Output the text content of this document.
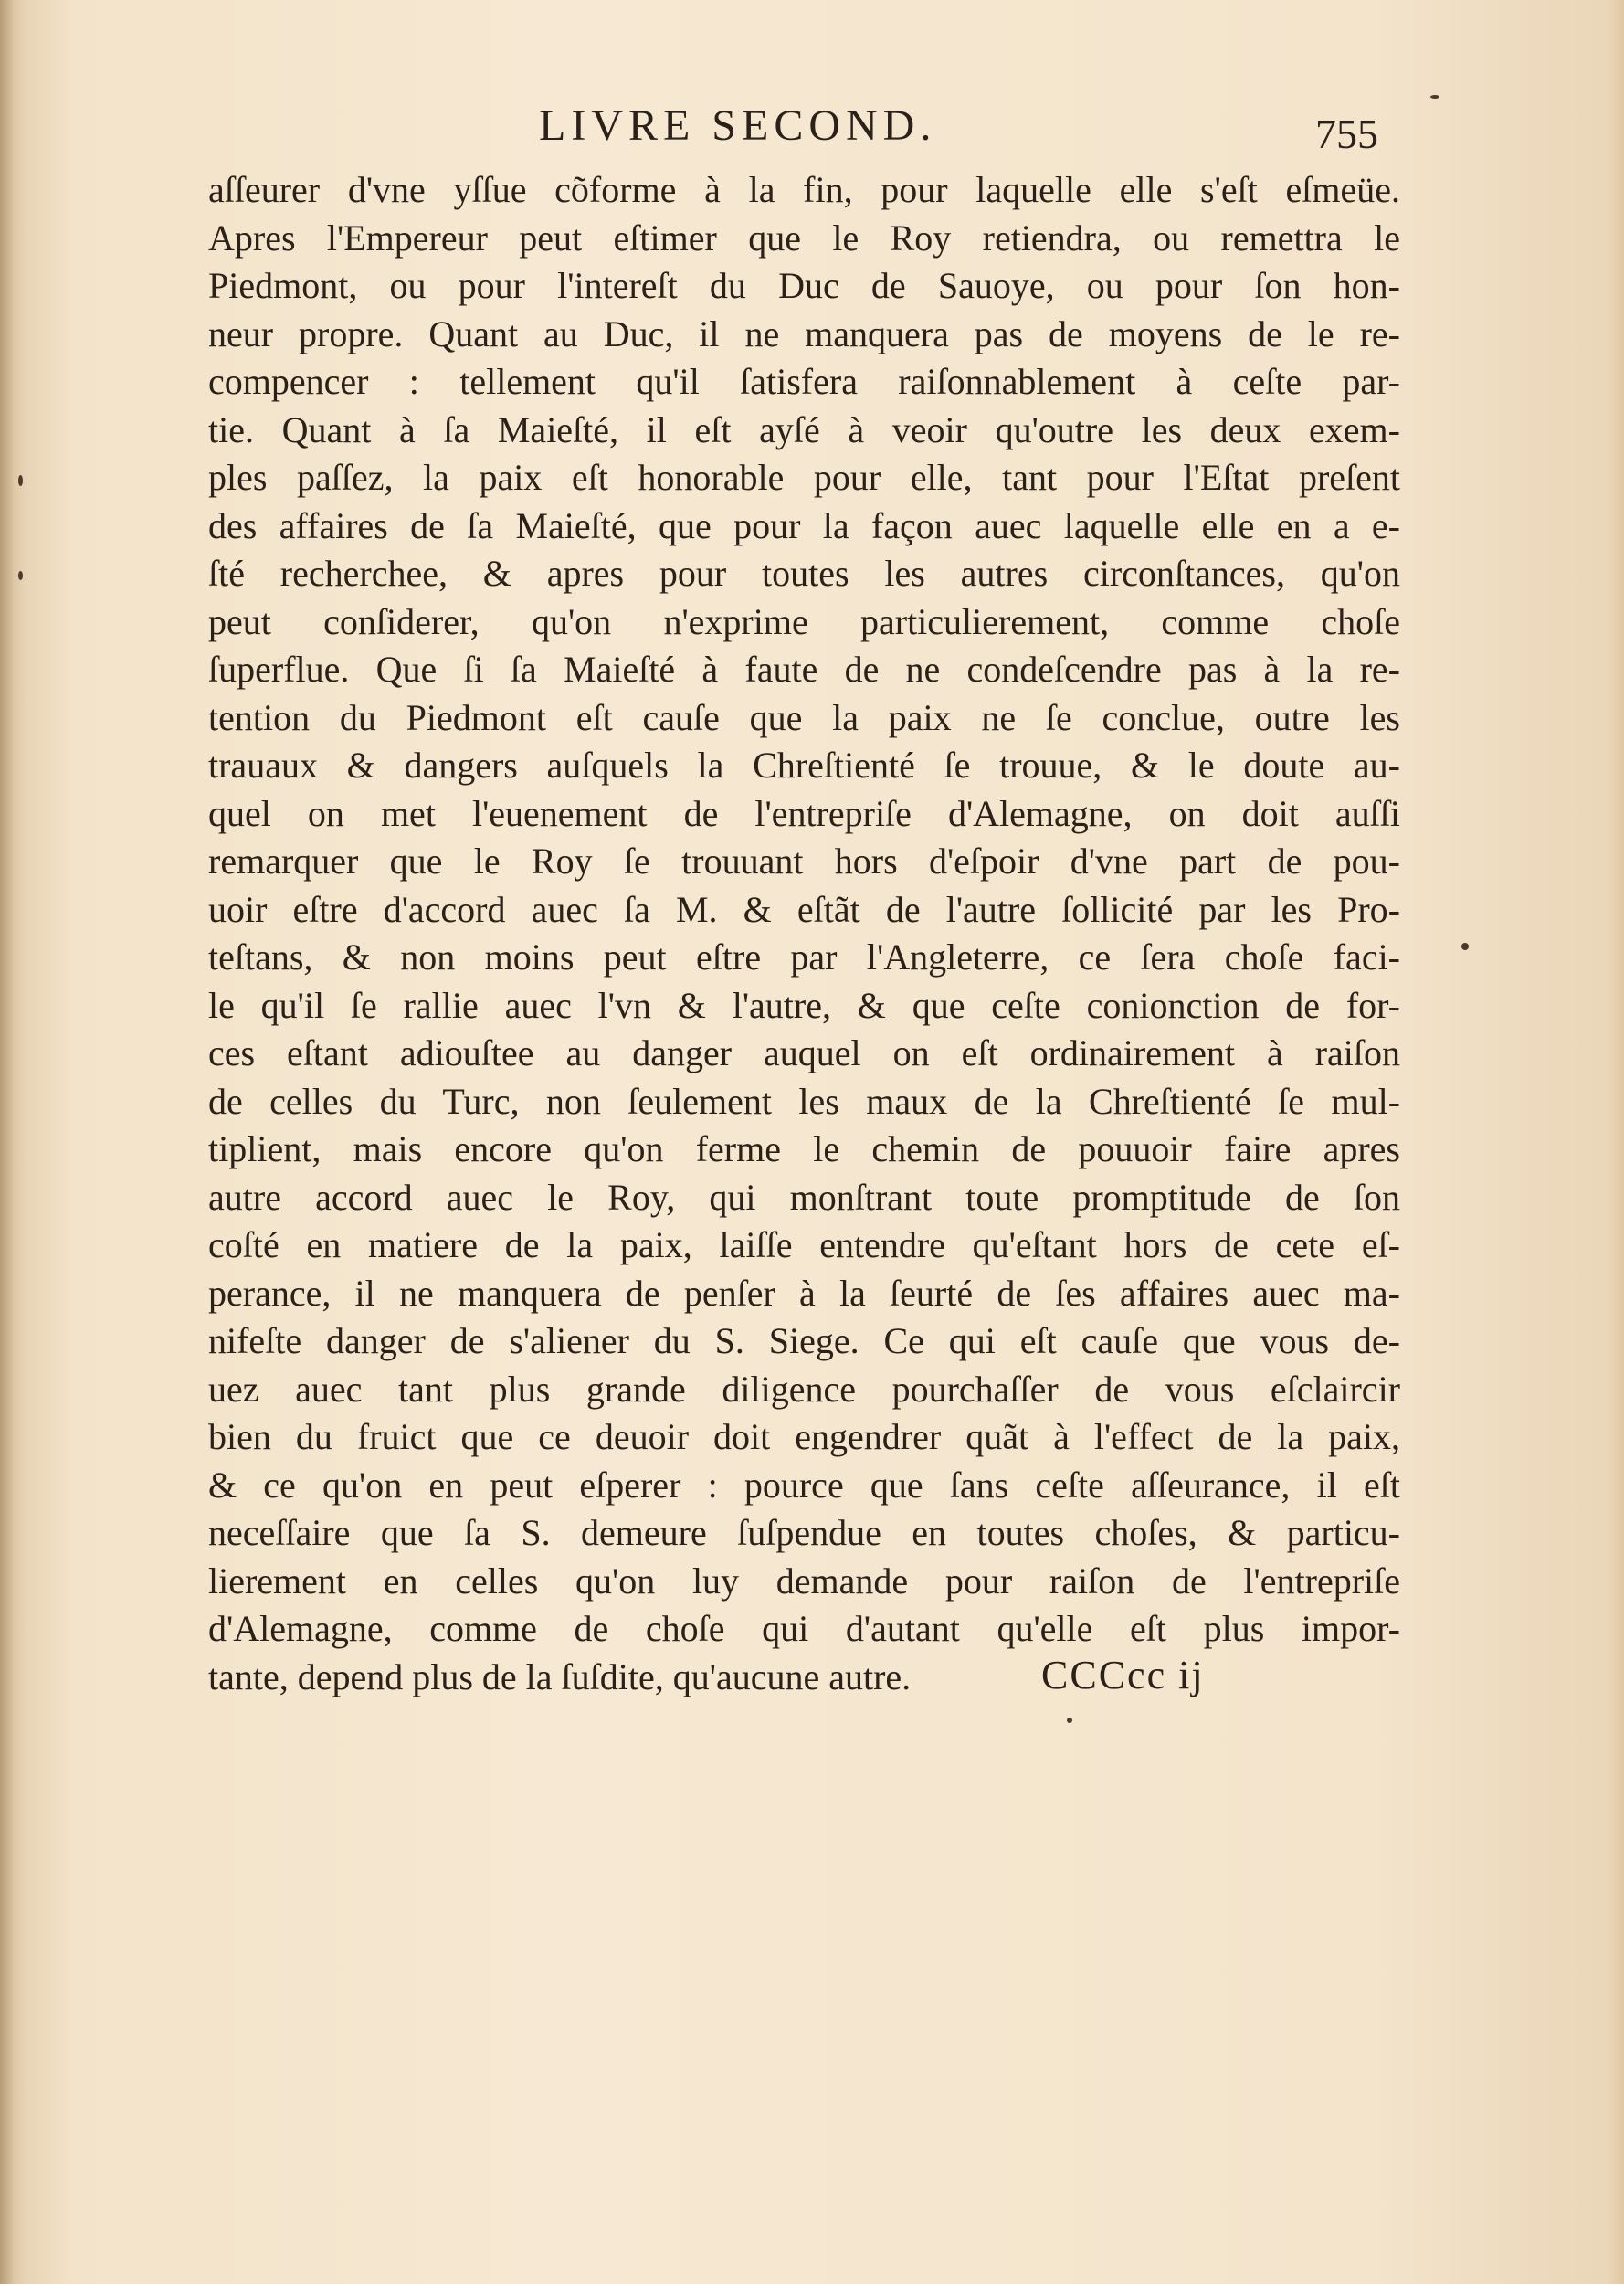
LIVRE SECOND.	755
aſſeurer d'vne yſſue cõforme à la fin, pour laquelle elle s'eſt eſmeüe.
Apres l'Empereur peut eſtimer que le Roy retiendra, ou remettra le
Piedmont, ou pour l'intereſt du Duc de Sauoye, ou pour ſon hon-
neur propre. Quant au Duc, il ne manquera pas de moyens de le re-
compencer : tellement qu'il ſatisfera raiſonnablement à ceſte par-
tie. Quant à ſa Maieſté, il eſt ayſé à veoir qu'outre les deux exem-
ples paſſez, la paix eſt honorable pour elle, tant pour l'Eſtat preſent
des affaires de ſa Maieſté, que pour la façon auec laquelle elle en a e-
ſté recherchee, & apres pour toutes les autres circonſtances, qu'on
peut conſiderer, qu'on n'exprime particulierement, comme choſe
ſuperflue. Que ſi ſa Maieſté à faute de ne condeſcendre pas à la re-
tention du Piedmont eſt cauſe que la paix ne ſe conclue, outre les
trauaux & dangers auſquels la Chreſtienté ſe trouue, & le doute au-
quel on met l'euenement de l'entrepriſe d'Alemagne, on doit auſſi
remarquer que le Roy ſe trouuant hors d'eſpoir d'vne part de pou-
uoir eſtre d'accord auec ſa M. & eſtãt de l'autre ſollicité par les Pro-
teſtans, & non moins peut eſtre par l'Angleterre, ce ſera choſe faci-
le qu'il ſe rallie auec l'vn & l'autre, & que ceſte conionction de for-
ces eſtant adiouſtee au danger auquel on eſt ordinairement à raiſon
de celles du Turc, non ſeulement les maux de la Chreſtienté ſe mul-
tiplient, mais encore qu'on ferme le chemin de pouuoir faire apres
autre accord auec le Roy, qui monſtrant toute promptitude de ſon
coſté en matiere de la paix, laiſſe entendre qu'eſtant hors de cete eſ-
perance, il ne manquera de penſer à la ſeurté de ſes affaires auec ma-
nifeſte danger de s'aliener du S. Siege. Ce qui eſt cauſe que vous de-
uez auec tant plus grande diligence pourchaſſer de vous eſclaircir
bien du fruict que ce deuoir doit engendrer quãt à l'effect de la paix,
& ce qu'on en peut eſperer : pource que ſans ceſte aſſeurance, il eſt
neceſſaire que ſa S. demeure ſuſpendue en toutes choſes, & particu-
lierement en celles qu'on luy demande pour raiſon de l'entrepriſe
d'Alemagne, comme de choſe qui d'autant qu'elle eſt plus impor-
tante, depend plus de la ſuſdite, qu'aucune autre.	CCCcc ij
